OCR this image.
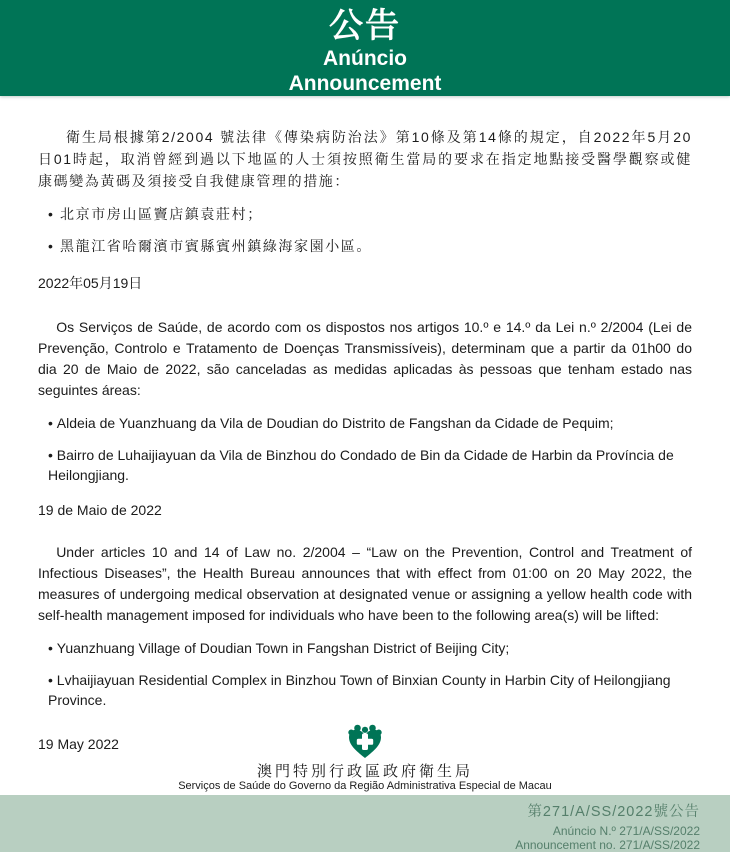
公告
Anúncio
Announcement

衛生局根據第2/2004 號法律《傳染病防治法》第10條及第14條的規定，自2022年5月20日01時起，取消曾經到過以下地區的人士須按照衛生當局的要求在指定地點接受醫學觀察或健康碼變為黃碼及須接受自我健康管理的措施：

• 北京市房山區竇店鎮袁莊村；

• 黑龍江省哈爾濱市賓縣賓州鎮綠海家園小區。

2022年05月19日

Os Serviços de Saúde, de acordo com os dispostos nos artigos 10.º e 14.º da Lei n.º 2/2004 (Lei de Prevenção, Controlo e Tratamento de Doenças Transmissíveis), determinam que a partir da 01h00 do dia 20 de Maio de 2022, são canceladas as medidas aplicadas às pessoas que tenham estado nas seguintes áreas:

• Aldeia de Yuanzhuang da Vila de Doudian do Distrito de Fangshan da Cidade de Pequim;

• Bairro de Luhaijiayuan da Vila de Binzhou do Condado de Bin da Cidade de Harbin da Província de Heilongjiang.

19 de Maio de 2022

Under articles 10 and 14 of Law no. 2/2004 – “Law on the Prevention, Control and Treatment of Infectious Diseases”, the Health Bureau announces that with effect from 01:00 on 20 May 2022, the measures of undergoing medical observation at designated venue or assigning a yellow health code with self-health management imposed for individuals who have been to the following area(s) will be lifted:

• Yuanzhuang Village of Doudian Town in Fangshan District of Beijing City;

• Lvhaijiayuan Residential Complex in Binzhou Town of Binxian County in Harbin City of Heilongjiang Province.

19 May 2022

澳門特別行政區政府衛生局
Serviços de Saúde do Governo da Região Administrativa Especial de Macau
第271/A/SS/2022號公告
Anúncio N.º 271/A/SS/2022
Announcement no. 271/A/SS/2022
